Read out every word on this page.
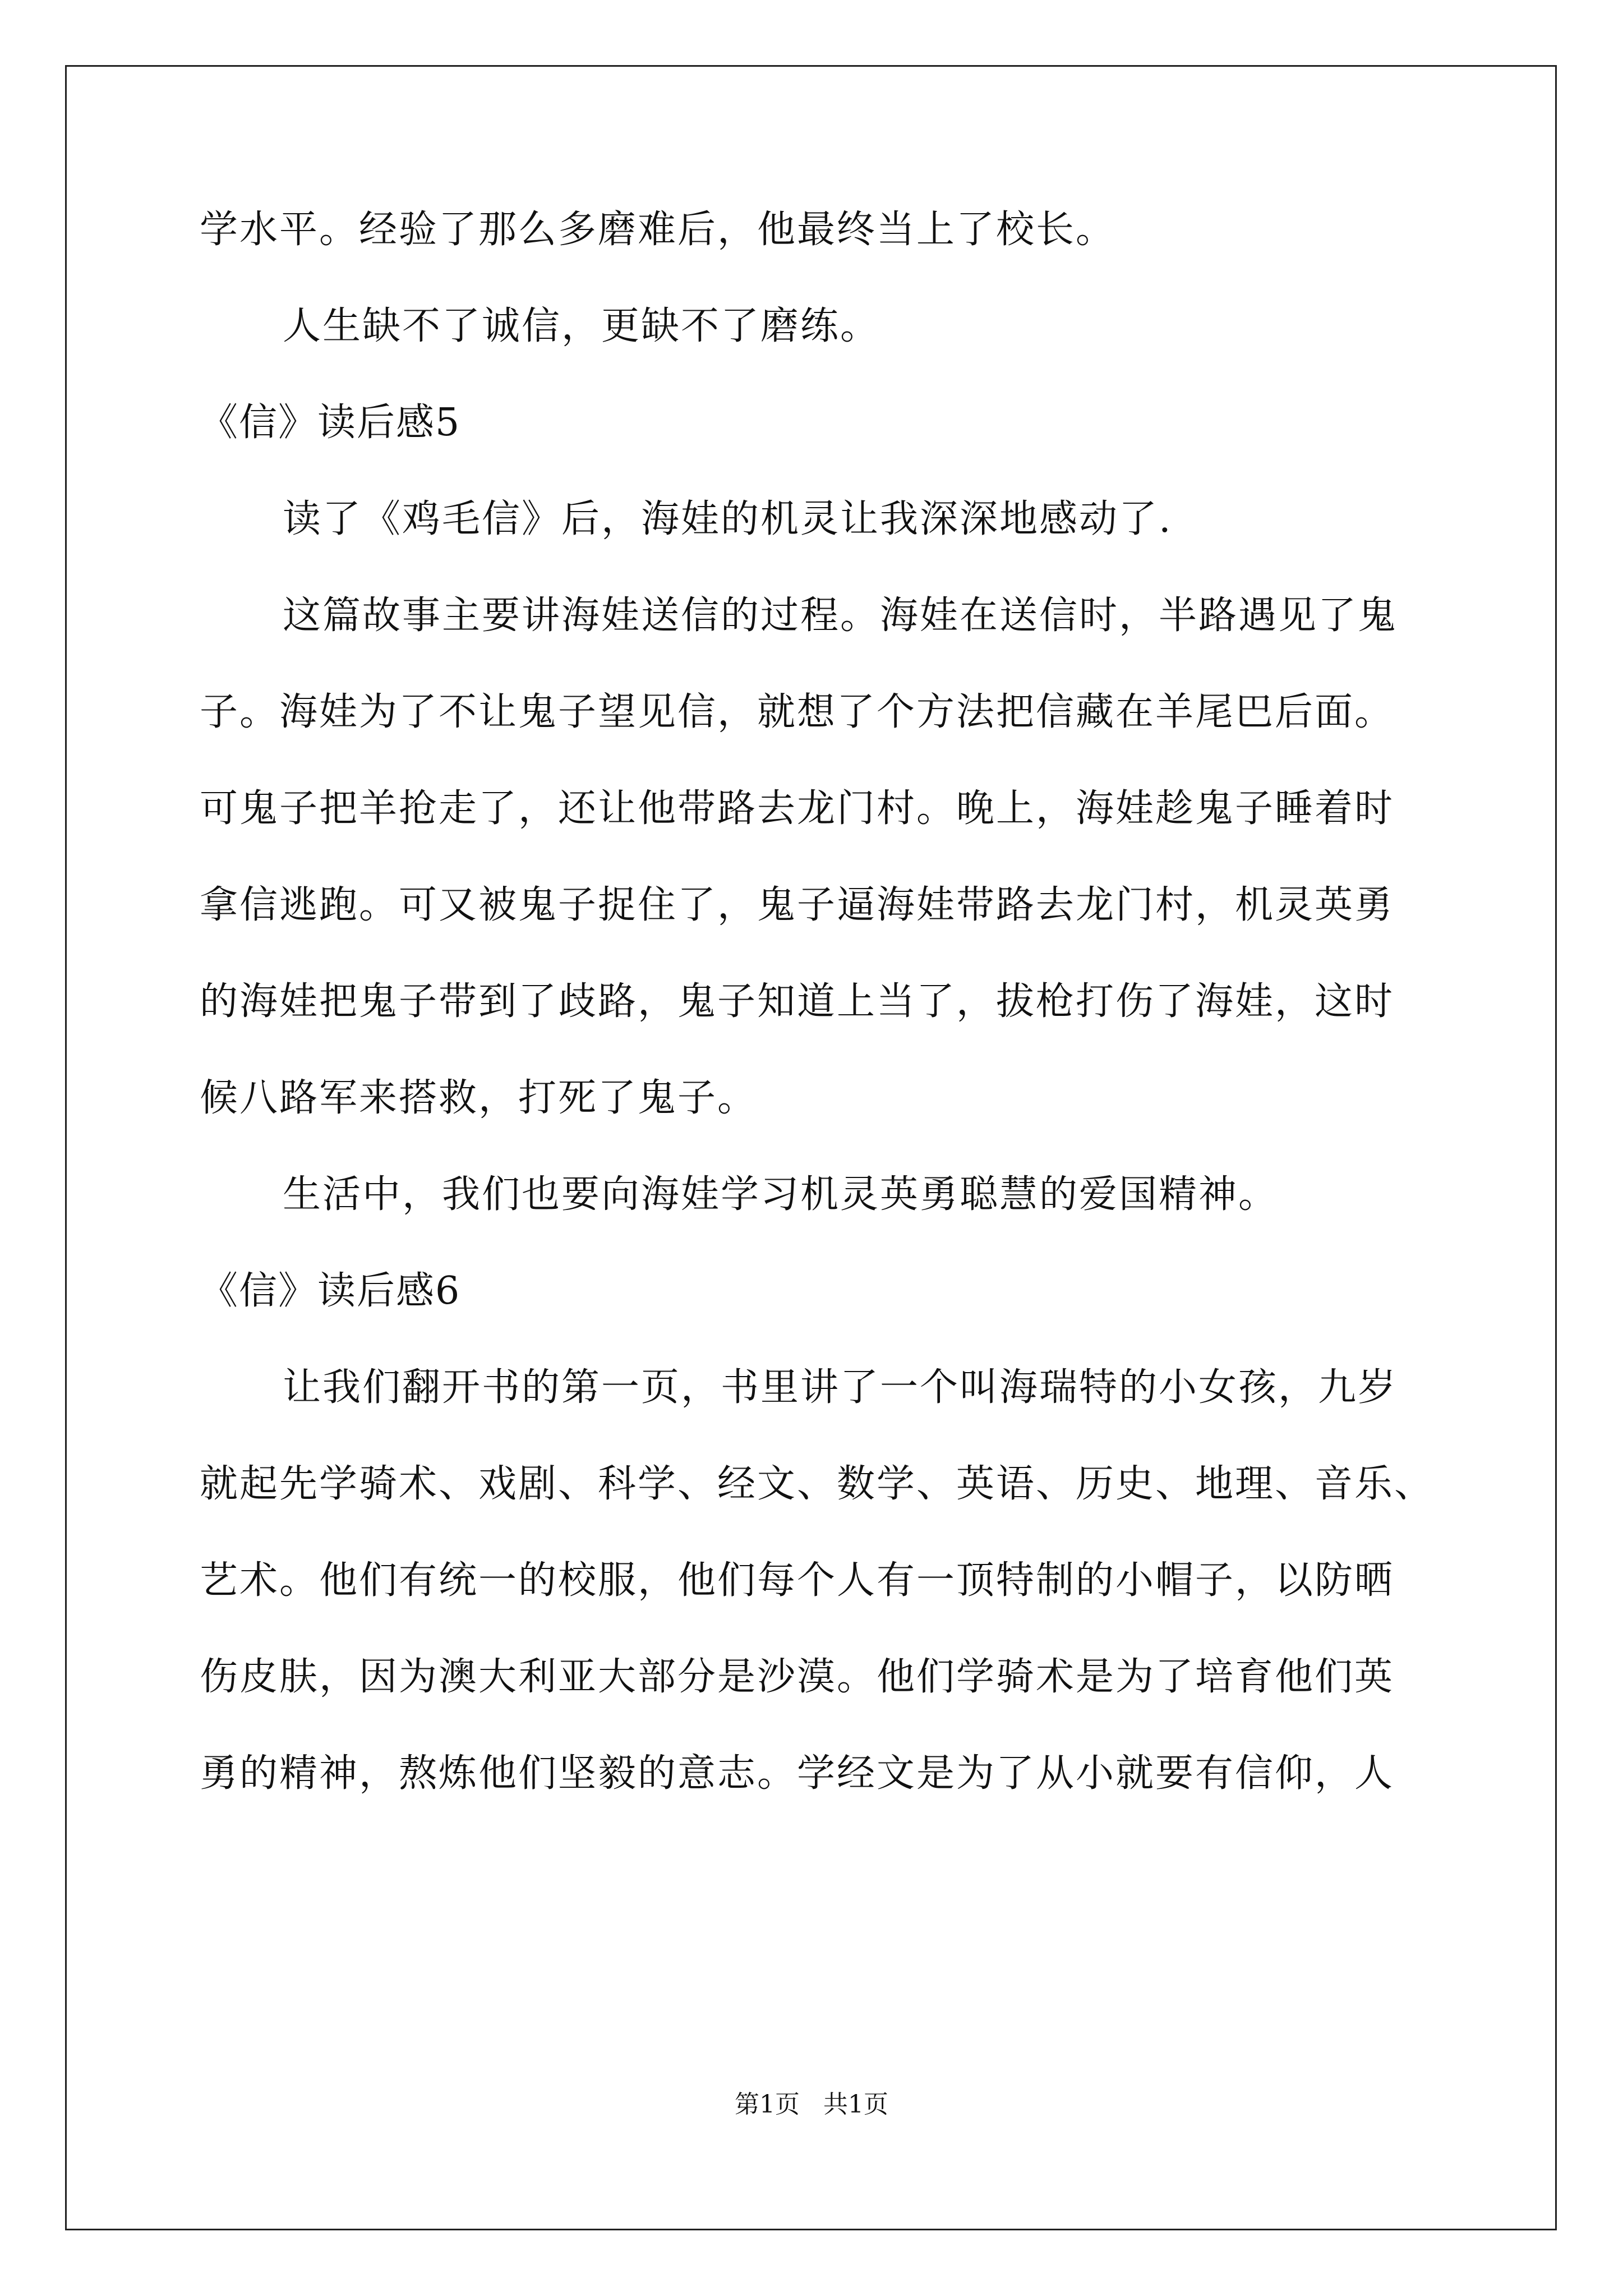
学水平。经验了那么多磨难后，他最终当上了校长。
人生缺不了诚信，更缺不了磨练。
《信》读后感5
读了《鸡毛信》后，海娃的机灵让我深深地感动了.
这篇故事主要讲海娃送信的过程。海娃在送信时，半路遇见了鬼
子。海娃为了不让鬼子望见信，就想了个方法把信藏在羊尾巴后面。
可鬼子把羊抢走了，还让他带路去龙门村。晚上，海娃趁鬼子睡着时
拿信逃跑。可又被鬼子捉住了，鬼子逼海娃带路去龙门村，机灵英勇
的海娃把鬼子带到了歧路，鬼子知道上当了，拔枪打伤了海娃，这时
候八路军来搭救，打死了鬼子。
生活中，我们也要向海娃学习机灵英勇聪慧的爱国精神。
《信》读后感6
让我们翻开书的第一页，书里讲了一个叫海瑞特的小女孩，九岁
就起先学骑术、戏剧、科学、经文、数学、英语、历史、地理、音乐、
艺术。他们有统一的校服，他们每个人有一顶特制的小帽子，以防晒
伤皮肤，因为澳大利亚大部分是沙漠。他们学骑术是为了培育他们英
勇的精神，熬炼他们坚毅的意志。学经文是为了从小就要有信仰，人
第1页   共1页
